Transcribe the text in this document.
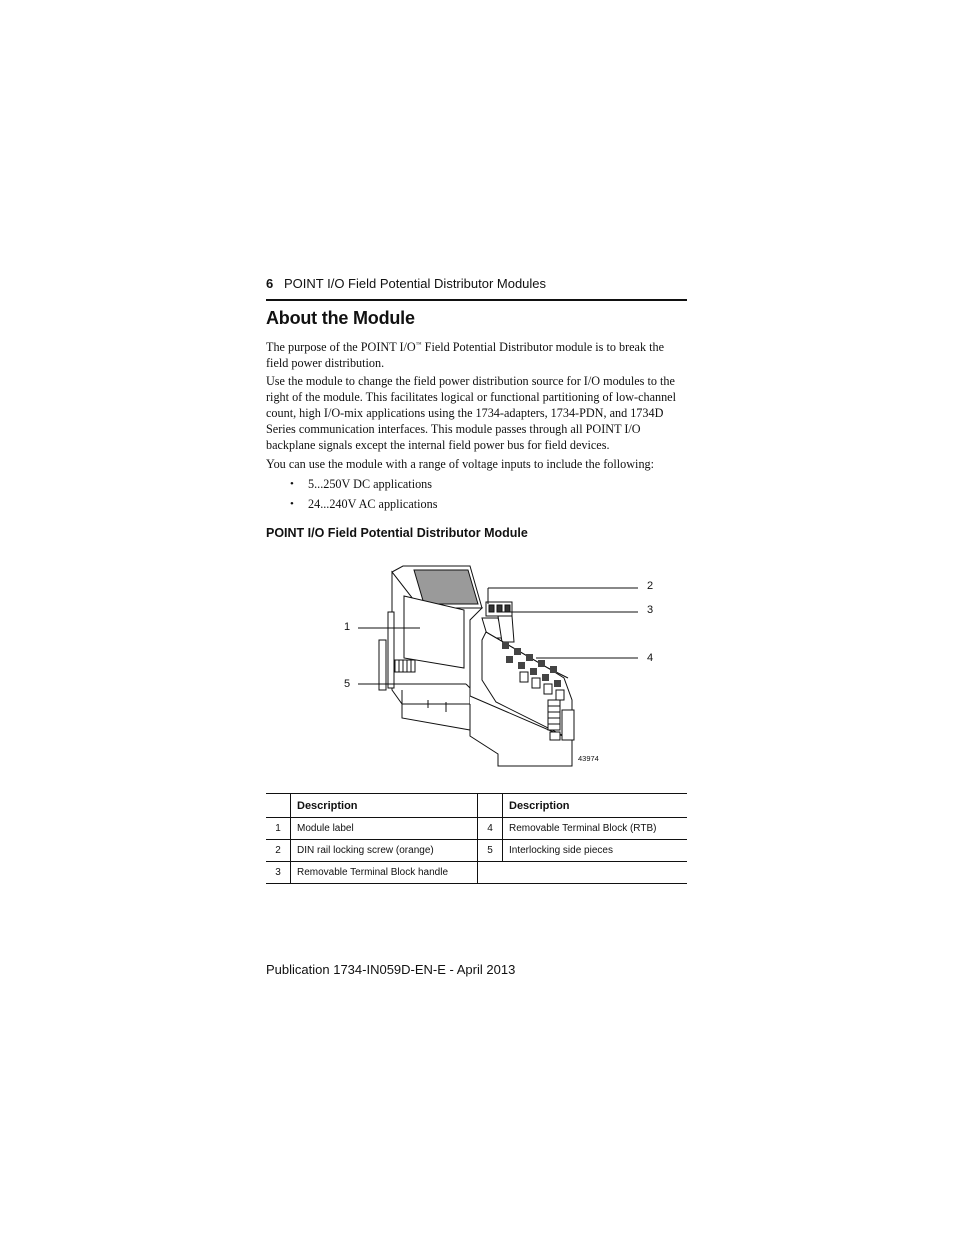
6 POINT I/O Field Potential Distributor Modules
About the Module

The purpose of the POINT I/O™ Field Potential Distributor module is to break the field power distribution.

Use the module to change the field power distribution source for I/O modules to the right of the module. This facilitates logical or functional partitioning of low-channel count, high I/O-mix applications using the 1734-adapters, 1734-PDN, and 1734D Series communication interfaces. This module passes through all POINT I/O backplane signals except the internal field power bus for field devices.

You can use the module with a range of voltage inputs to include the following:

• 5...250V DC applications
• 24...240V AC applications
POINT I/O Field Potential Distributor Module
1
2
3
4
5
43974
	Description		Description
1	Module label	4	Removable Terminal Block (RTB)
2	DIN rail locking screw (orange)	5	Interlocking side pieces
3	Removable Terminal Block handle		
Publication 1734-IN059D-EN-E - April 2013
